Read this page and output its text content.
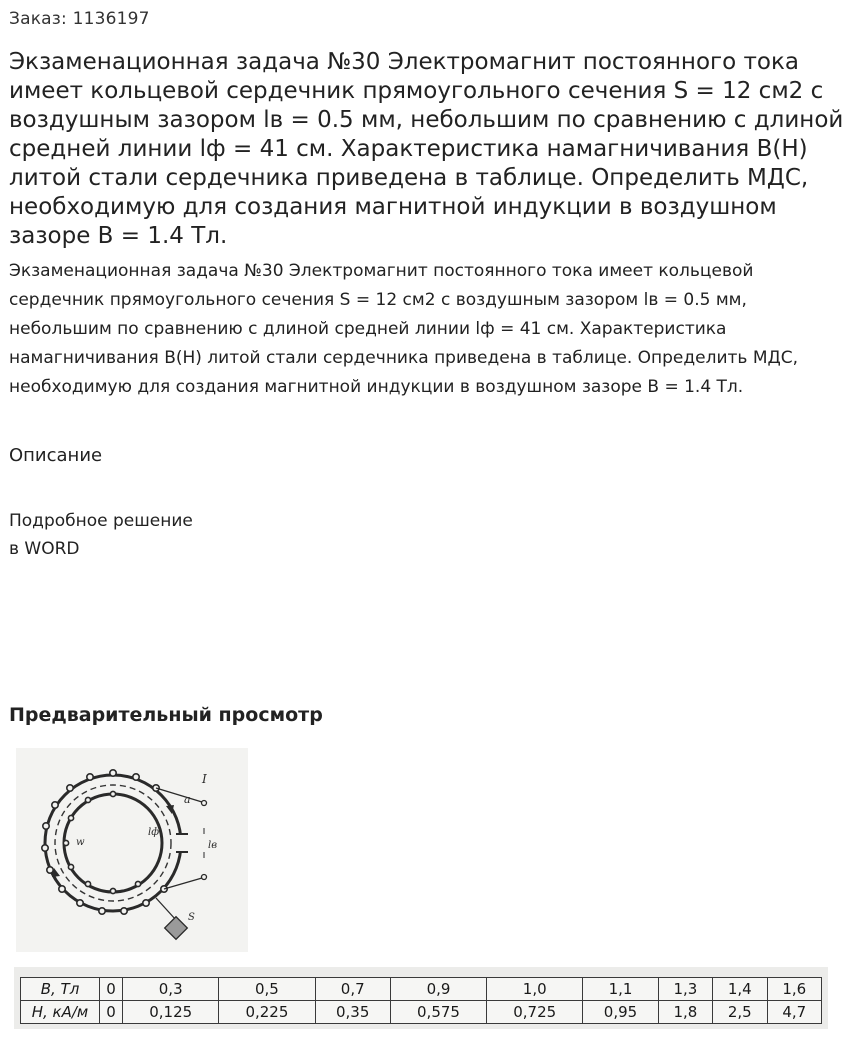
Заказ: 1136197
Экзаменационная задача №30 Электромагнит постоянного тока имеет кольцевой сердечник прямоугольного сечения S = 12 см2 с воздушным зазором lв = 0.5 мм, небольшим по сравнению с длиной средней линии lф = 41 см. Характеристика намагничивания В(Н) литой стали сердечника приведена в таблице. Определить МДС, необходимую для создания магнитной индукции в воздушном зазоре В = 1.4 Тл.

Экзаменационная задача №30 Электромагнит постоянного тока имеет кольцевой сердечник прямоугольного сечения S = 12 см2 с воздушным зазором lв = 0.5 мм, небольшим по сравнению с длиной средней линии lф = 41 см. Характеристика намагничивания В(Н) литой стали сердечника приведена в таблице. Определить МДС, необходимую для создания магнитной индукции в воздушном зазоре В = 1.4 Тл.

Описание
Подробное решение
в WORD
Предварительный просмотр
I
a
lф
lв
w
S
B, Тл	0	0,3	0,5	0,7	0,9	1,0	1,1	1,3	1,4	1,6
H, кА/м	0	0,125	0,225	0,35	0,575	0,725	0,95	1,8	2,5	4,7
